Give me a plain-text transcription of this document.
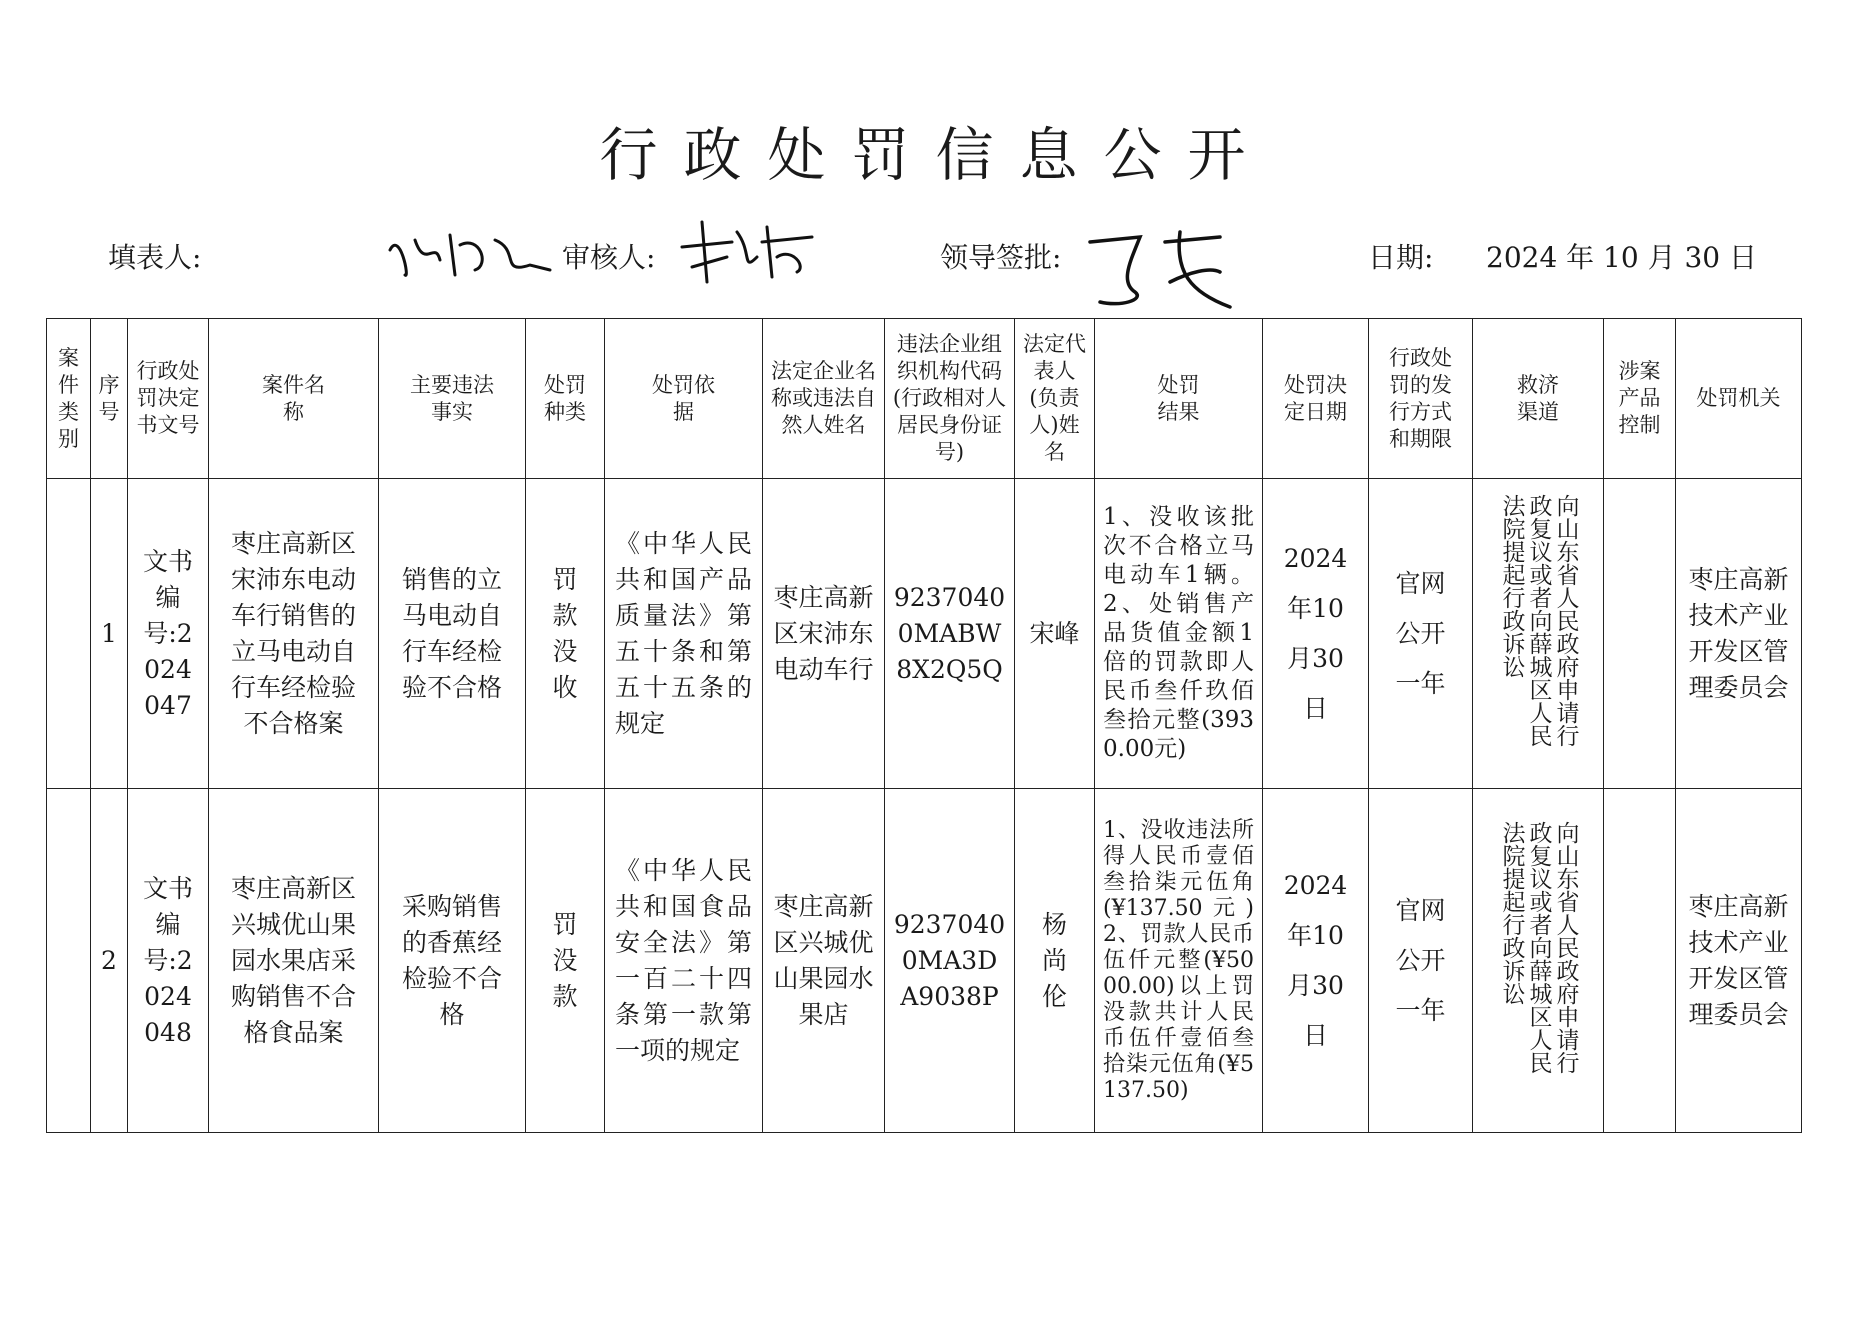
行政处罚信息公开
填表人:	审核人:	领导签批:	日期: 2024 年 10 月 30 日
案件类别	序号	行政处罚决定书文号	案件名称	主要违法事实	处罚种类	处罚依据	法定企业名称或违法自然人姓名	违法企业组织机构代码(行政相对人居民身份证号)	法定代表人(负责人)姓名	处罚结果	处罚决定日期	行政处罚的发行方式和期限	救济渠道	涉案产品控制	处罚机关
	1	文书编号:2024047	枣庄高新区宋沛东电动车行销售的立马电动自行车经检验不合格案	销售的立马电动自行车经检验不合格	罚款没收	《中华人民共和国产品质量法》第五十条和第五十五条的规定	枣庄高新区宋沛东电动车行	92370400MABW8X2Q5Q	宋峰	1、没收该批次不合格立马电动车1辆。2、处销售产品货值金额1倍的罚款即人民币叁仟玖佰叁拾元整(3930.00元)	2024年10月30日	官网公开 一年	向山东省人民政府申请行政复议或者向薛城区人民法院提起行政诉讼		枣庄高新技术产业开发区管理委员会
	2	文书编号:2024048	枣庄高新区兴城优山果园水果店采购销售不合格食品案	采购销售的香蕉经检验不合格	罚没款	《中华人民共和国食品安全法》第一百二十四条第一款第一项的规定	枣庄高新区兴城优山果园水果店	92370400MA3DA9038P	杨尚伦	1、没收违法所得人民币壹佰叁拾柒元伍角(¥137.50元)2、罚款人民币伍仟元整(¥5000.00)以上罚没款共计人民币伍仟壹佰叁拾柒元伍角(¥5137.50)	2024年10月30日	官网公开 一年	向山东省人民政府申请行政复议或者向薛城区人民法院提起行政诉讼		枣庄高新技术产业开发区管理委员会
